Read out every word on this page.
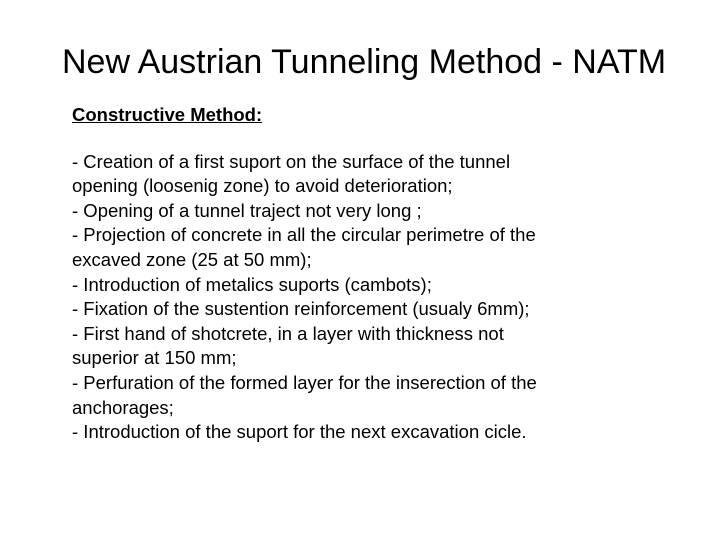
New Austrian Tunneling Method - NATM
Constructive Method:
- Creation of a first suport on the surface of the tunnel
opening (loosenig zone) to avoid deterioration;
- Opening of a tunnel traject not very long ;
- Projection of concrete in all the circular perimetre of the
excaved zone (25 at 50 mm);
- Introduction of metalics suports (cambots);
- Fixation of the sustention reinforcement (usualy 6mm);
- First hand of shotcrete, in a layer with thickness not
superior at 150 mm;
- Perfuration of the formed layer for the inserection of the
anchorages;
- Introduction of the suport for the next excavation cicle.
